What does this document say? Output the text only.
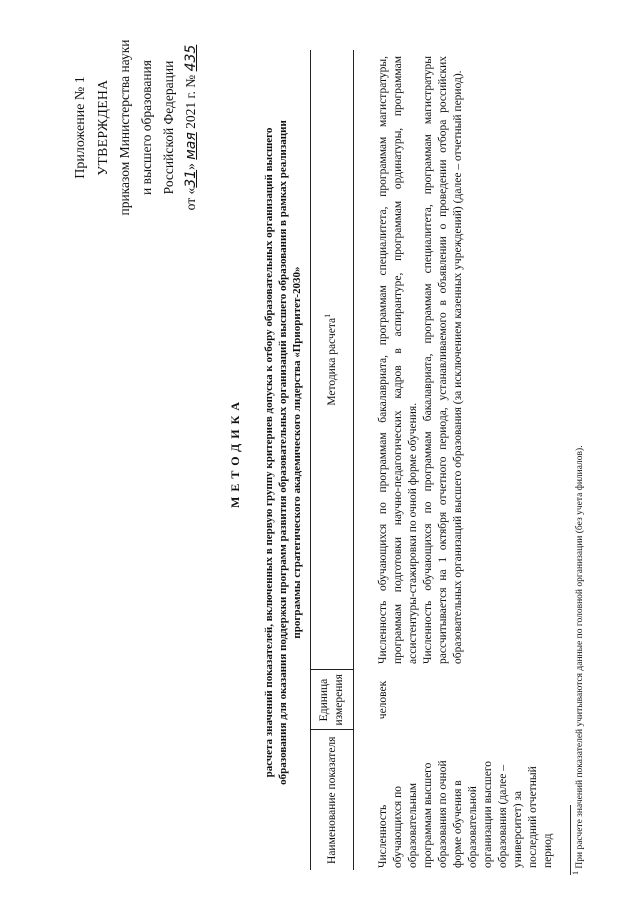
Приложение № 1 УТВЕРЖДЕНА приказом Министерства науки и высшего образования Российской Федерации
от «31» мая 2021 г. № 435
МЕТОДИКА расчета значений показателей, включенных в первую группу критериев допуска к отбору образовательных организаций высшего образования для оказания поддержки программ развития образовательных организаций высшего образования в рамках реализации программы стратегического академического лидерства «Приоритет-2030»
Наименование показателя	Единица измерения	Методика расчета$^1$
Численность обучающихся по образовательным программам высшего образования по очной форме обучения в образовательной организации высшего образования (далее – университет) за последний отчетный период	человек	Численность обучающихся по программам бакалавриата, программам специалитета, программам магистратуры, программам подготовки научно-педагогических кадров в аспирантуре, программам ординатуры, программам ассистентуры-стажировки по очной форме обучения. Численность обучающихся по программам бакалавриата, программам специалитета, программам магистратуры рассчитывается на 1 октября отчетного периода, устанавливаемого в объявлении о проведении отбора российских образовательных организаций высшего образования (за исключением казенных учреждений) (далее – отчетный период).

$^1$ При расчете значений показателей учитываются данные по головной организации (без учета филиалов).
